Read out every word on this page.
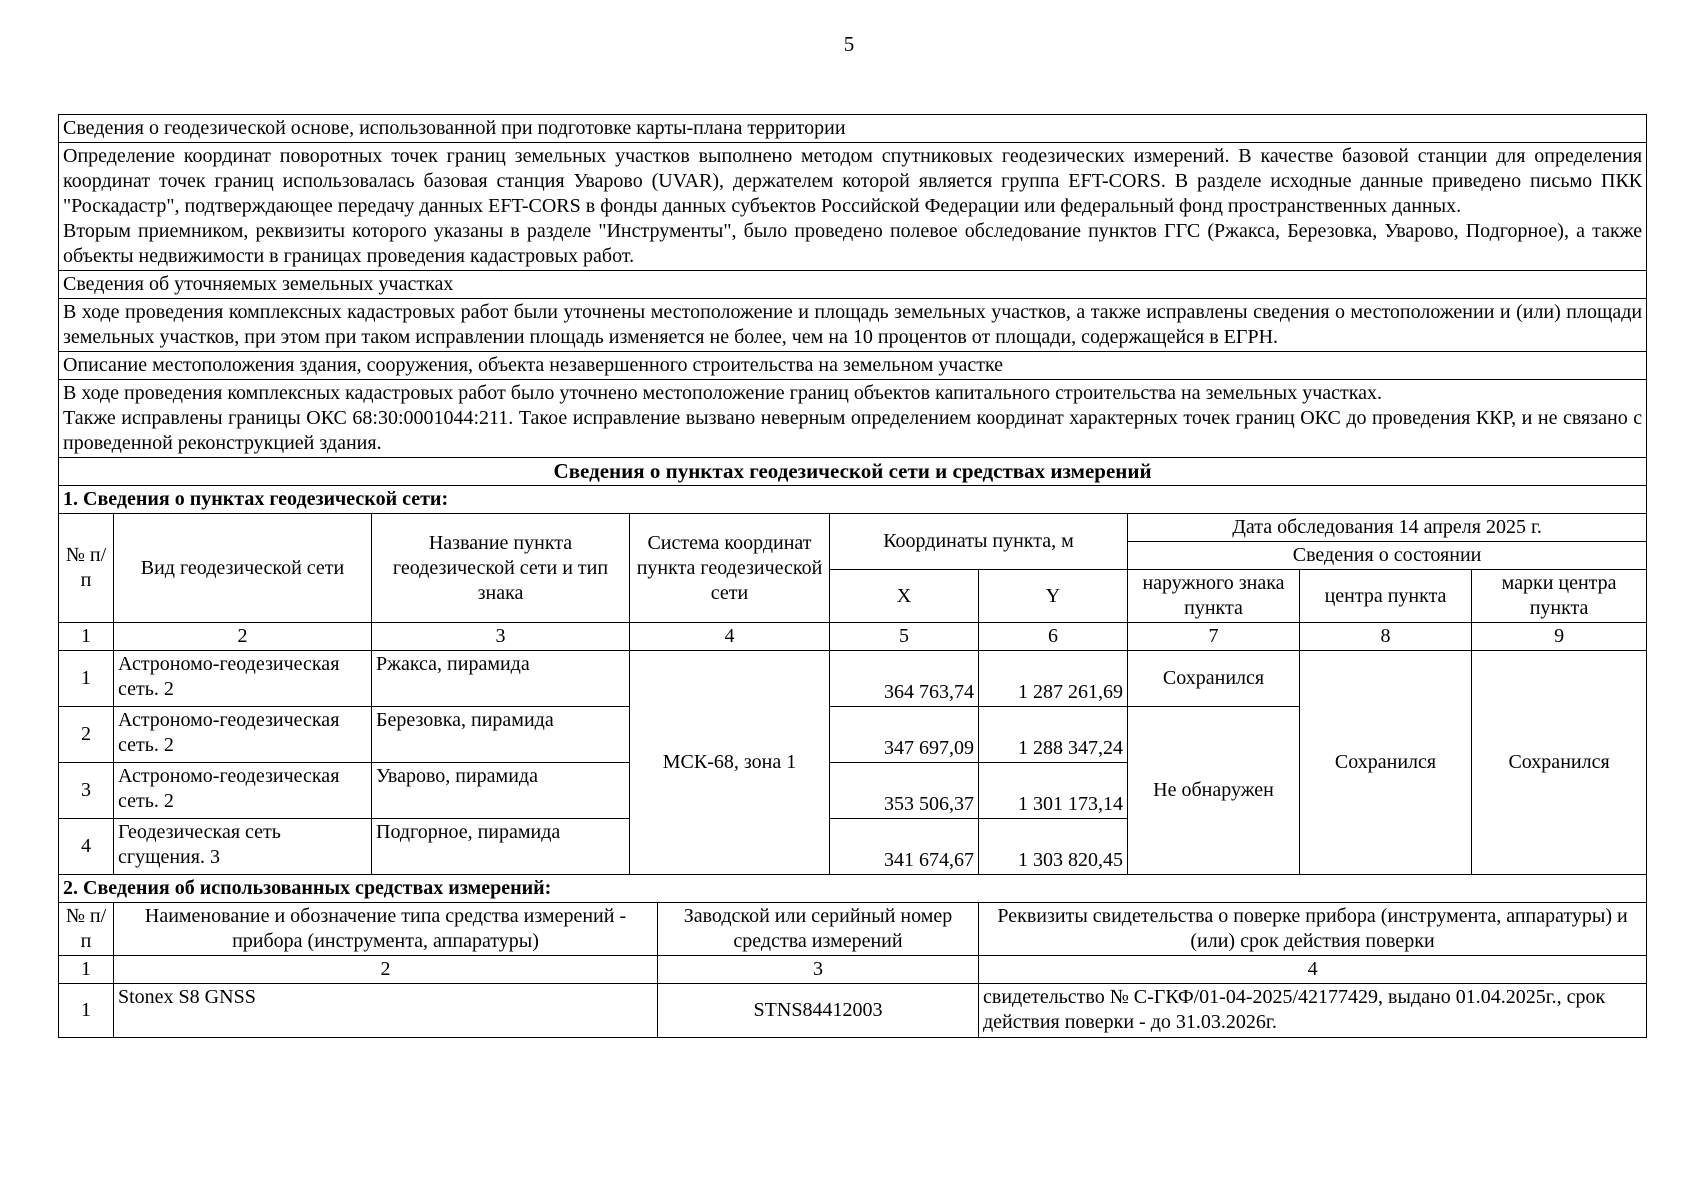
5
Сведения о геодезической основе, использованной при подготовке карты-плана территории									
Определение координат поворотных точек границ земельных участков выполнено методом спутниковых геодезических измерений. В качестве базовой станции для определения координат точек границ использовалась базовая станция Уварово (UVAR), держателем которой является группа EFT-CORS. В разделе исходные данные приведено письмо ПКК "Роскадастр", подтверждающее передачу данных EFT-CORS в фонды данных субъектов Российской Федерации или федеральный фонд пространственных данных.
Вторым приемником, реквизиты которого указаны в разделе "Инструменты", было проведено полевое обследование пунктов ГГС (Ржакса, Березовка, Уварово, Подгорное), а также объекты недвижимости в границах проведения кадастровых работ.									
Сведения об уточняемых земельных участках									
В ходе проведения комплексных кадастровых работ были уточнены местоположение и площадь земельных участков, а также исправлены сведения о местоположении и (или) площади земельных участков, при этом при таком исправлении площадь изменяется не более, чем на 10 процентов от площади, содержащейся в ЕГРН.									
Описание местоположения здания, сооружения, объекта незавершенного строительства на земельном участке									
В ходе проведения комплексных кадастровых работ было уточнено местоположение границ объектов капитального строительства на земельных участках.
Также исправлены границы ОКС 68:30:0001044:211. Такое исправление вызвано неверным определением координат характерных точек границ ОКС до проведения ККР, и не связано с проведенной реконструкцией здания.									
Сведения о пунктах геодезической сети и средствах измерений									
1. Сведения о пунктах геодезической сети:									
№ п/п	Вид геодезической сети	Название пункта геодезической сети и тип знака	Система координат пункта геодезической сети		Координаты пункта, м		Дата обследования 14 апреля 2025 г.		
							Сведения о состоянии		
					X	Y	наружного знака пункта	центра пункта	марки центра пункта
1	2	3	4		5	6	7	8	9
1	Астрономо-геодезическая сеть. 2	Ржакса, пирамида	МСК-68, зона 1		364 763,74	1 287 261,69	Сохранился	Сохранился	Сохранился
2	Астрономо-геодезическая сеть. 2	Березовка, пирамида			347 697,09	1 288 347,24	Не обнаружен		
3	Астрономо-геодезическая сеть. 2	Уварово, пирамида			353 506,37	1 301 173,14			
4	Геодезическая сеть сгущения. 3	Подгорное, пирамида			341 674,67	1 303 820,45			
2. Сведения об использованных средствах измерений:									
№ п/п	Наименование и обозначение типа средства измерений - прибора (инструмента, аппаратуры)			Заводской или серийный номер средства измерений		Реквизиты свидетельства о поверке прибора (инструмента, аппаратуры) и (или) срок действия поверки			
1	2			3		4			
1	Stonex S8 GNSS			STNS84412003		свидетельство № С-ГКФ/01-04-2025/42177429, выдано 01.04.2025г., срок действия поверки - до 31.03.2026г.			
